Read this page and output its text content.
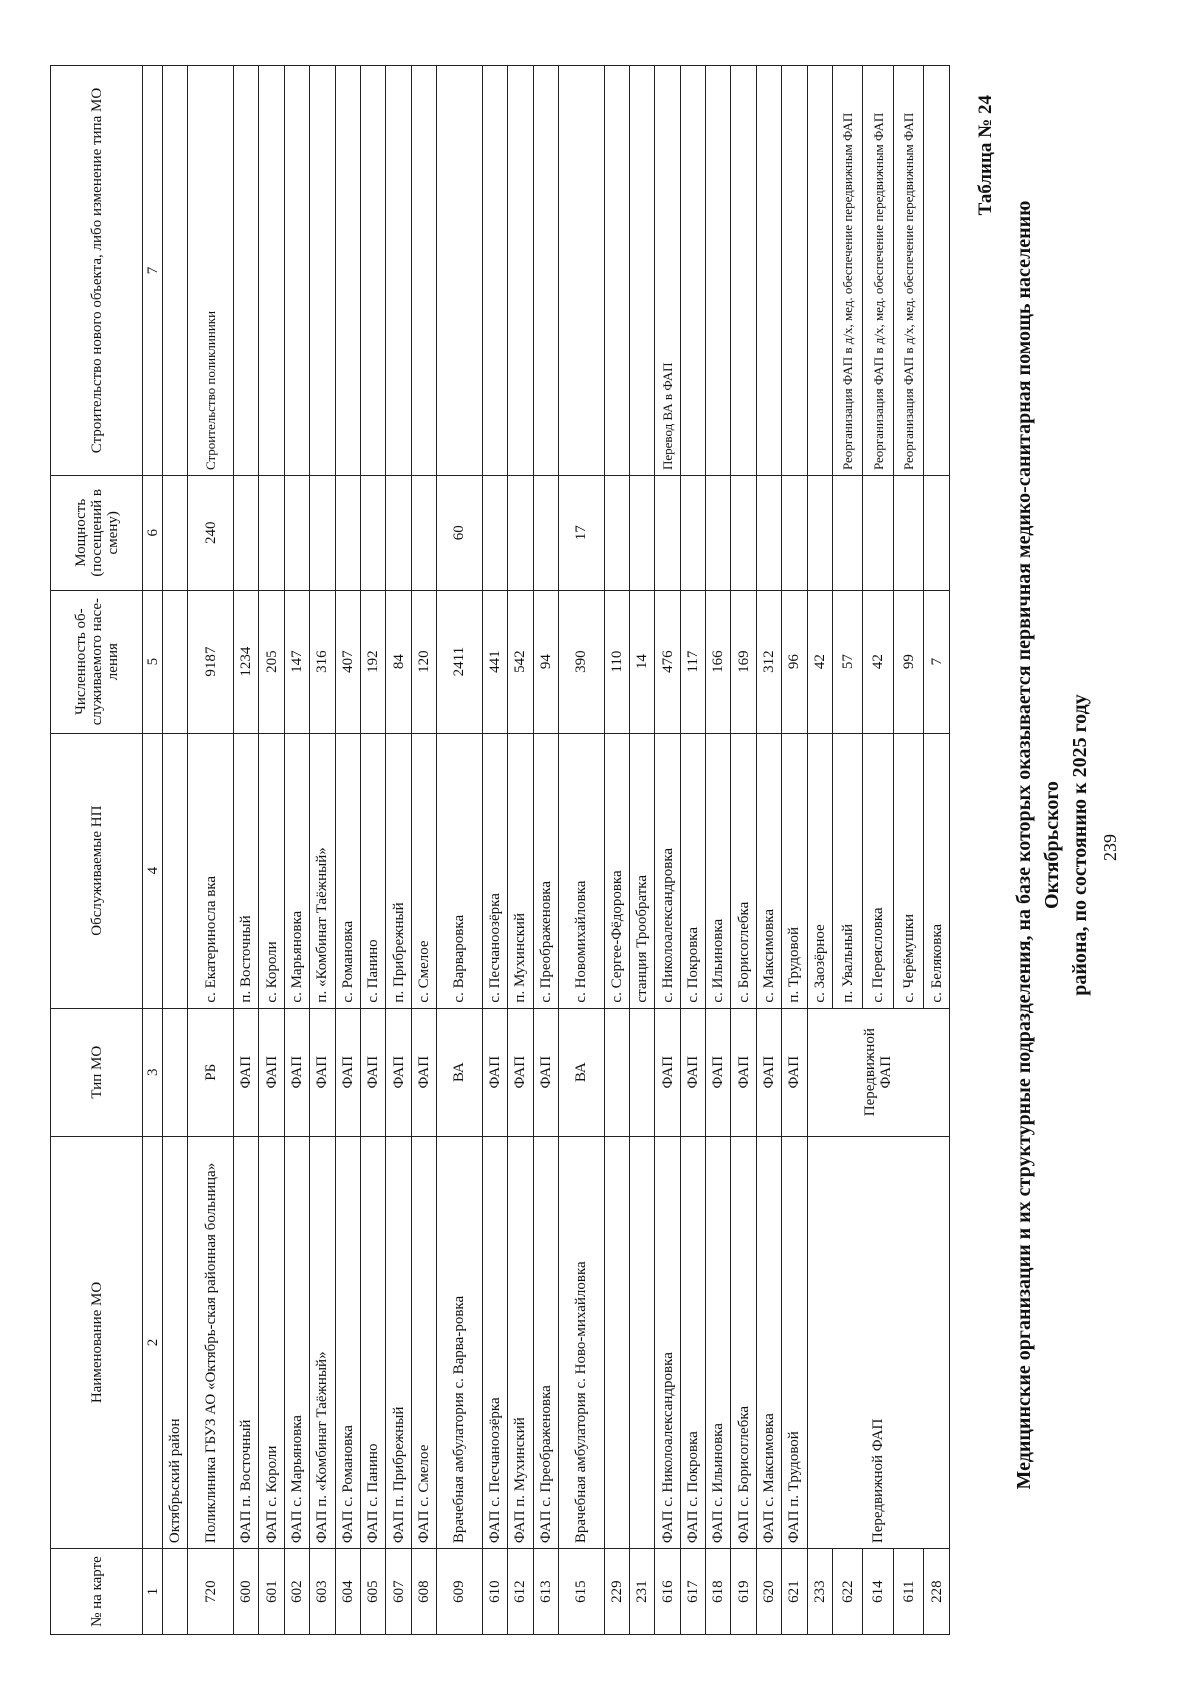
239
Медицинские организации и их структурные подразделения, на базе которых оказывается первичная медико-санитарная помощь населению Октябрьского района, по состоянию к 2025 году
Таблица № 24
№ на карте	Наименование МО	Тип МО	Обслуживаемые НП	Численность об-служиваемого насе-ления	Мощность (посещений в смену)	Строительство нового объекта, либо изменение типа МО
1	2	3	4	5	6	7
	Октябрьский район					
720	Поликлиника ГБУЗ АО «Октябрь-ская районная больница»	РБ	с. Екатериносла вка	9187	240	Строительство поликлиники
600	ФАП п. Восточный	ФАП	п. Восточный	1234		
601	ФАП с. Короли	ФАП	с. Короли	205		
602	ФАП с. Марьяновка	ФАП	с. Марьяновка	147		
603	ФАП п. «Комбинат Таёжный»	ФАП	п. «Комбинат Таёжный»	316		
604	ФАП с. Романовка	ФАП	с. Романовка	407		
605	ФАП с. Панино	ФАП	с. Панино	192		
607	ФАП п. Прибрежный	ФАП	п. Прибрежный	84		
608	ФАП с. Смелое	ФАП	с. Смелое	120		
609	Врачебная амбулатория с. Варва-ровка	ВА	с. Варваровка	2411	60	
610	ФАП с. Песчаноозёрка	ФАП	с. Песчаноозёрка	441		
612	ФАП п. Мухинский	ФАП	п. Мухинский	542		
613	ФАП с. Преображеновка	ФАП	с. Преображеновка	94		
615	Врачебная амбулатория с. Ново-михайловка	ВА	с. Новомихайловка	390	17	
229			с. Сергее-Фёдоровка	110		
231			станция Трообратка	14		
616	ФАП с. Николоалександровка	ФАП	с. Николоалександровка	476		Перевод ВА в ФАП
617	ФАП с. Покровка	ФАП	с. Покровка	117		
618	ФАП с. Ильиновка	ФАП	с. Ильиновка	166		
619	ФАП с. Борисоглебка	ФАП	с. Борисоглебка	169		
620	ФАП с. Максимовка	ФАП	с. Максимовка	312		
621	ФАП п. Трудовой	ФАП	п. Трудовой	96		
233	Передвижной ФАП	Передвижной ФАП	с. Заозёрное	42		
622			п. Увальный	57		Реорганизация ФАП в д/х, мед. обеспечение передвижным ФАП
614			с. Переясловка	42		Реорганизация ФАП в д/х, мед. обеспечение передвижным ФАП
611			с. Черёмушки	99		Реорганизация ФАП в д/х, мед. обеспечение передвижным ФАП
228			с. Беляковка	7		
